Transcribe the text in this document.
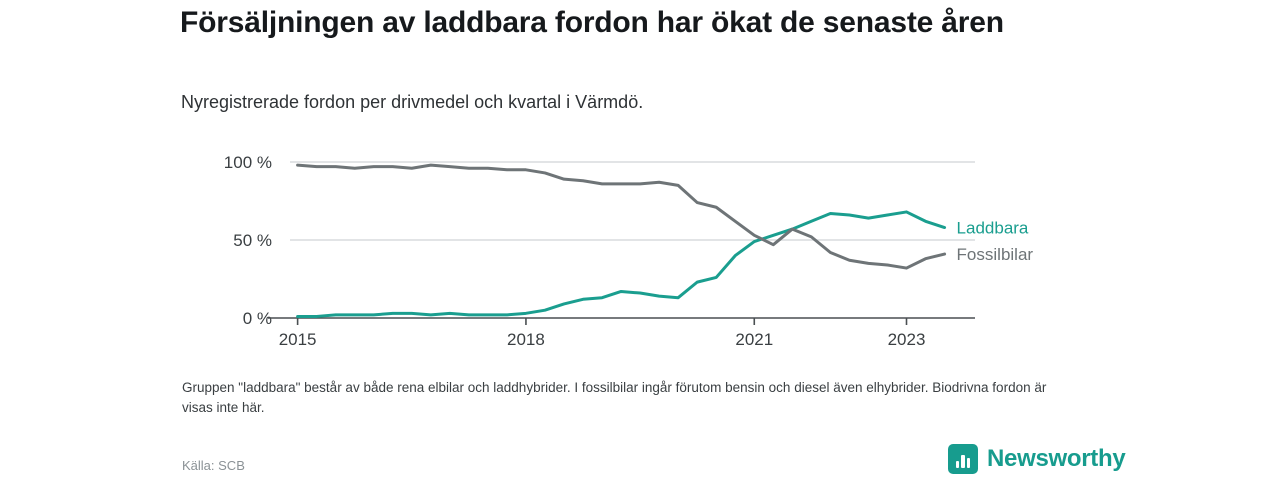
Försäljningen av laddbara fordon har ökat de senaste åren
Nyregistrerade fordon per drivmedel och kvartal i Värmdö.
0 %
50 %
100 %
2015	2018	2021	2023
Laddbara
Fossilbilar
Gruppen "laddbara" består av både rena elbilar och laddhybrider. I fossilbilar ingår förutom bensin och diesel även elhybrider. Biodrivna fordon är visas inte här.
Källa: SCB	Newsworthy
